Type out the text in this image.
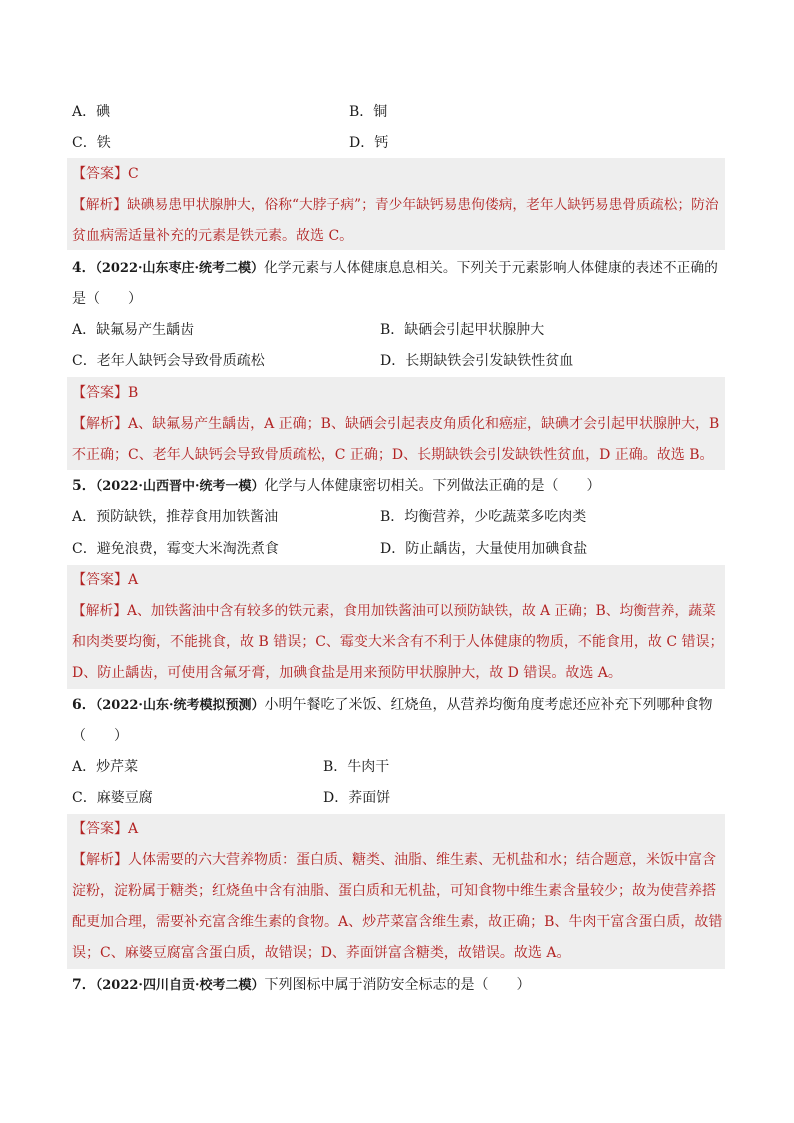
A．碘	B．铜
C．铁	D．钙
【答案】C
【解析】缺碘易患甲状腺肿大，俗称“大脖子病”；青少年缺钙易患佝偻病，老年人缺钙易患骨质疏松；防治
贫血病需适量补充的元素是铁元素。故选 C。
4．（2022·山东枣庄·统考二模）化学元素与人体健康息息相关。下列关于元素影响人体健康的表述不正确的
是（　　）
A．缺氟易产生龋齿	B．缺硒会引起甲状腺肿大
C．老年人缺钙会导致骨质疏松	D．长期缺铁会引发缺铁性贫血
【答案】B
【解析】A、缺氟易产生龋齿，A 正确；B、缺硒会引起表皮角质化和癌症，缺碘才会引起甲状腺肿大，B
不正确；C、老年人缺钙会导致骨质疏松，C 正确；D、长期缺铁会引发缺铁性贫血，D 正确。故选 B。
5．（2022·山西晋中·统考一模）化学与人体健康密切相关。下列做法正确的是（　　）
A．预防缺铁，推荐食用加铁酱油	B．均衡营养，少吃蔬菜多吃肉类
C．避免浪费，霉变大米淘洗煮食	D．防止龋齿，大量使用加碘食盐
【答案】A
【解析】A、加铁酱油中含有较多的铁元素，食用加铁酱油可以预防缺铁，故 A 正确；B、均衡营养，蔬菜
和肉类要均衡，不能挑食，故 B 错误；C、霉变大米含有不利于人体健康的物质，不能食用，故 C 错误；
D、防止龋齿，可使用含氟牙膏，加碘食盐是用来预防甲状腺肿大，故 D 错误。故选 A。
6．（2022·山东·统考模拟预测）小明午餐吃了米饭、红烧鱼，从营养均衡角度考虑还应补充下列哪种食物
（　　）
A．炒芹菜	B．牛肉干
C．麻婆豆腐	D．荞面饼
【答案】A
【解析】人体需要的六大营养物质：蛋白质、糖类、油脂、维生素、无机盐和水；结合题意，米饭中富含
淀粉，淀粉属于糖类；红烧鱼中含有油脂、蛋白质和无机盐，可知食物中维生素含量较少；故为使营养搭
配更加合理，需要补充富含维生素的食物。A、炒芹菜富含维生素，故正确；B、牛肉干富含蛋白质，故错
误；C、麻婆豆腐富含蛋白质，故错误；D、荞面饼富含糖类，故错误。故选 A。
7．（2022·四川自贡·校考二模）下列图标中属于消防安全标志的是（　　）
